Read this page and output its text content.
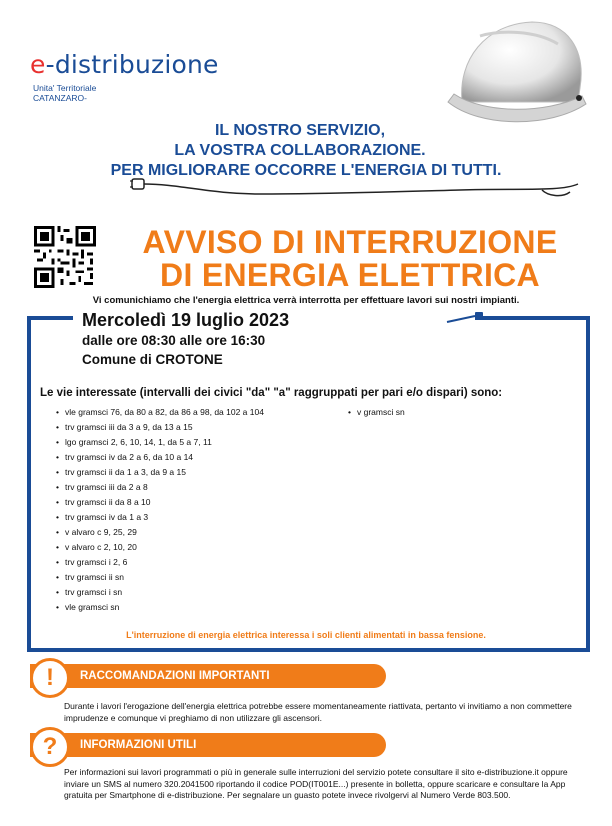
e-distribuzione
Unita' Territoriale
CATANZARO-
IL NOSTRO SERVIZIO,
LA VOSTRA COLLABORAZIONE.
PER MIGLIORARE OCCORRE L'ENERGIA DI TUTTI.
AVVISO DI INTERRUZIONE
DI ENERGIA ELETTRICA
Vi comunichiamo che l'energia elettrica verrà interrotta per effettuare lavori sui nostri impianti.
Mercoledì 19 luglio 2023
dalle ore 08:30 alle ore 16:30
Comune di CROTONE
Le vie interessate (intervalli dei civici "da" "a" raggruppati per pari e/o dispari) sono:
• vle gramsci 76, da 80 a 82, da 86 a 98, da 102 a 104
• trv gramsci iii da 3 a 9, da 13 a 15
• lgo gramsci 2, 6, 10, 14, 1, da 5 a 7, 11
• trv gramsci iv da 2 a 6, da 10 a 14
• trv gramsci ii da 1 a 3, da 9 a 15
• trv gramsci iii da 2 a 8
• trv gramsci ii da 8 a 10
• trv gramsci iv da 1 a 3
• v alvaro c 9, 25, 29
• v alvaro c 2, 10, 20
• trv gramsci i 2, 6
• trv gramsci ii sn
• trv gramsci i sn
• vle gramsci sn
• v gramsci sn
L'interruzione di energia elettrica interessa i soli clienti alimentati in bassa fensione.
RACCOMANDAZIONI IMPORTANTI
!
Durante i lavori l'erogazione dell'energia elettrica potrebbe essere momentaneamente riattivata, pertanto vi invitiamo a non commettere imprudenze e comunque vi preghiamo di non utilizzare gli ascensori.
INFORMAZIONI UTILI
?
Per informazioni sui lavori programmati o più in generale sulle interruzioni del servizio potete consultare il sito e-distribuzione.it oppure inviare un SMS al numero 320.2041500 riportando il codice POD(IT001E...) presente in bolletta, oppure scaricare e consultare la App gratuita per Smartphone di e-distribuzione. Per segnalare un guasto potete invece rivolgervi al Numero Verde 803.500.
